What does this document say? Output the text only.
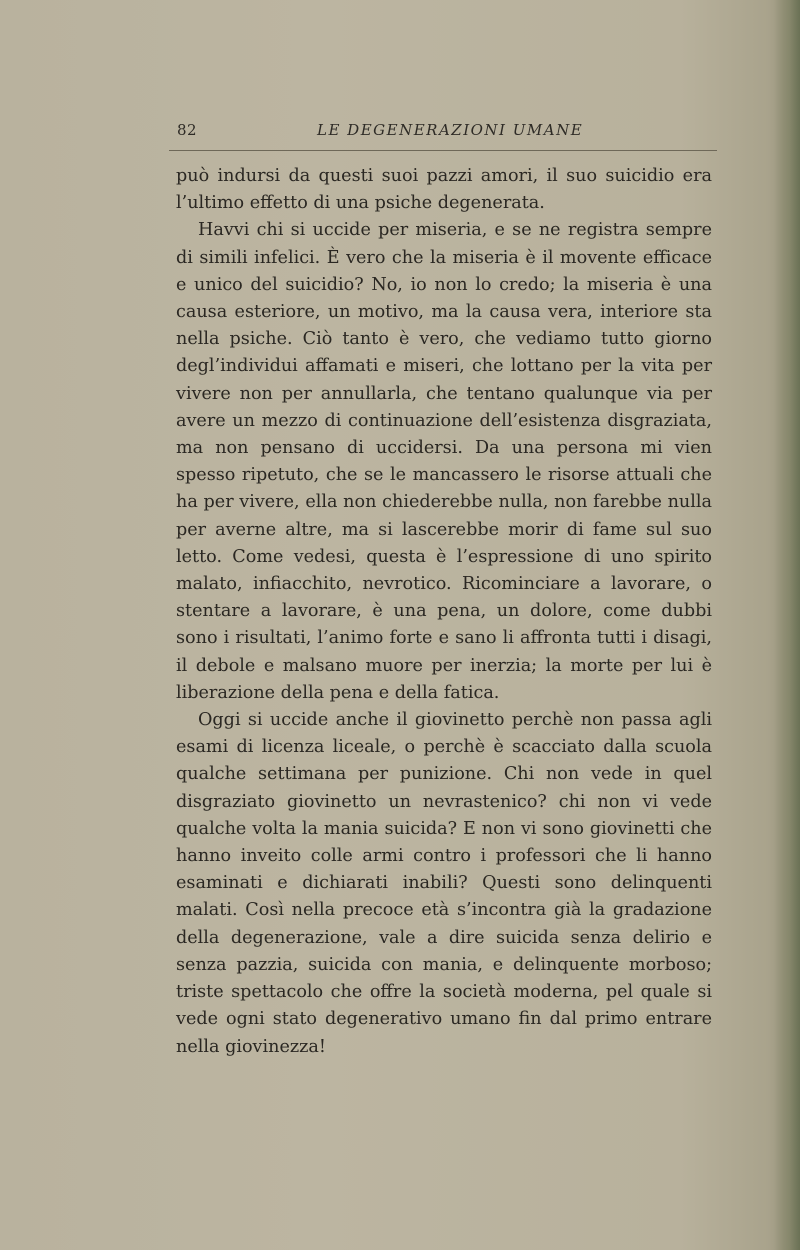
82	LE DEGENERAZIONI UMANE

può indursi da questi suoi pazzi amori, il suo suicidio era l’ultimo effetto di una psiche degenerata.

Havvi chi si uccide per miseria, e se ne registra sempre di simili infelici. È vero che la miseria è il movente efficace e unico del suicidio? No, io non lo credo; la miseria è una causa esteriore, un motivo, ma la causa vera, interiore sta nella psiche. Ciò tanto è vero, che vediamo tutto giorno degl’individui affamati e miseri, che lottano per la vita per vivere non per annullarla, che tentano qualunque via per avere un mezzo di continuazione dell’esistenza disgraziata, ma non pensano di uccidersi. Da una persona mi vien spesso ripetuto, che se le mancassero le risorse attuali che ha per vivere, ella non chiederebbe nulla, non farebbe nulla per averne altre, ma si lascerebbe morir di fame sul suo letto. Come vedesi, questa è l’espressione di uno spirito malato, infiacchito, nevrotico. Ricominciare a lavorare, o stentare a lavorare, è una pena, un dolore, come dubbi sono i risultati, l’animo forte e sano li affronta tutti i disagi, il debole e malsano muore per inerzia; la morte per lui è liberazione della pena e della fatica.

Oggi si uccide anche il giovinetto perchè non passa agli esami di licenza liceale, o perchè è scacciato dalla scuola qualche settimana per punizione. Chi non vede in quel disgraziato giovinetto un nevrastenico? chi non vi vede qualche volta la mania suicida? E non vi sono giovinetti che hanno inveito colle armi contro i professori che li hanno esaminati e dichiarati inabili? Questi sono delinquenti malati. Così nella precoce età s’incontra già la gradazione della degenerazione, vale a dire suicida senza delirio e senza pazzia, suicida con mania, e delinquente morboso; triste spettacolo che offre la società moderna, pel quale si vede ogni stato degenerativo umano fin dal primo entrare nella giovinezza!
